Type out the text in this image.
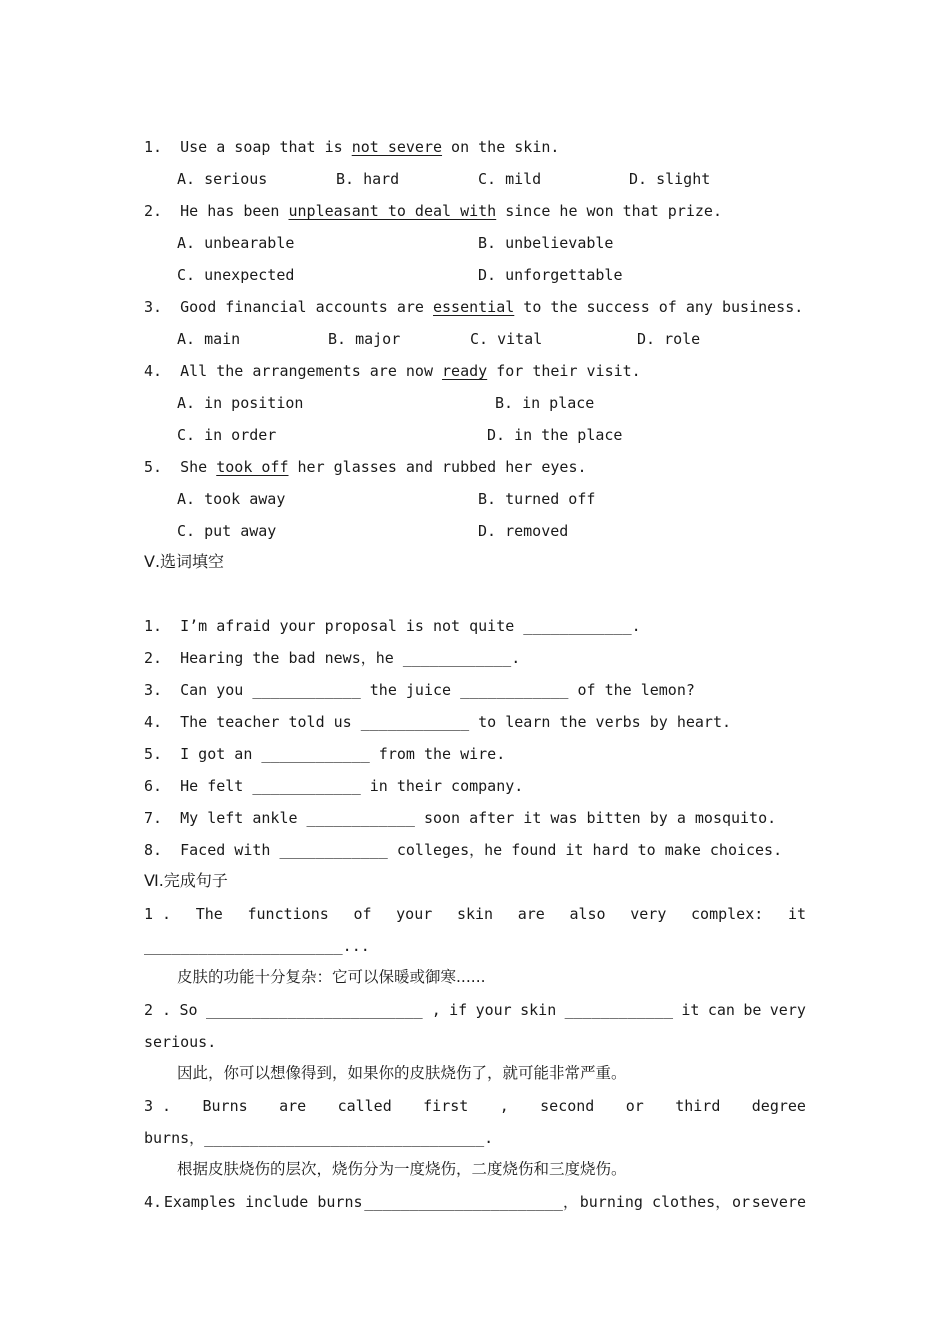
1. Use a soap that is not severe on the skin.
A. serious	B. hard	C. mild	D. slight
2. He has been unpleasant to deal with since he won that prize.
A. unbearable	B. unbelievable
C. unexpected	D. unforgettable
3. Good financial accounts are essential to the success of any business.
A. main	B. major	C. vital	D. role
4. All the arrangements are now ready for their visit.
A. in position	B. in place
C. in order	D. in the place
5. She took off her glasses and rubbed her eyes.
A. took away	B. turned off
C. put away	D. removed
Ⅴ.选词填空
1.  I’m afraid your proposal is not quite ____________.
2.  Hearing the bad news，he ____________.
3.  Can you ____________ the juice ____________ of the lemon?
4.  The teacher told us ____________ to learn the verbs by heart.
5.  I got an ____________ from the wire.
6.  He felt ____________ in their company.
7.  My left ankle ____________ soon after it was bitten by a mosquito.
8.  Faced with ____________ colleges，he found it hard to make choices.
Ⅵ.完成句子
1 . The functions of your skin are also very complex: it
______________________...
皮肤的功能十分复杂：它可以保暖或御寒......
2 . So ________________________ , if your skin ____________ it can be very
serious.
因此，你可以想像得到，如果你的皮肤烧伤了，就可能非常严重。
3 . Burns are called first , second or third degree
burns，_______________________________.
根据皮肤烧伤的层次，烧伤分为一度烧伤，二度烧伤和三度烧伤。
4. Examples include burns ______________________， burning clothes， or severe
